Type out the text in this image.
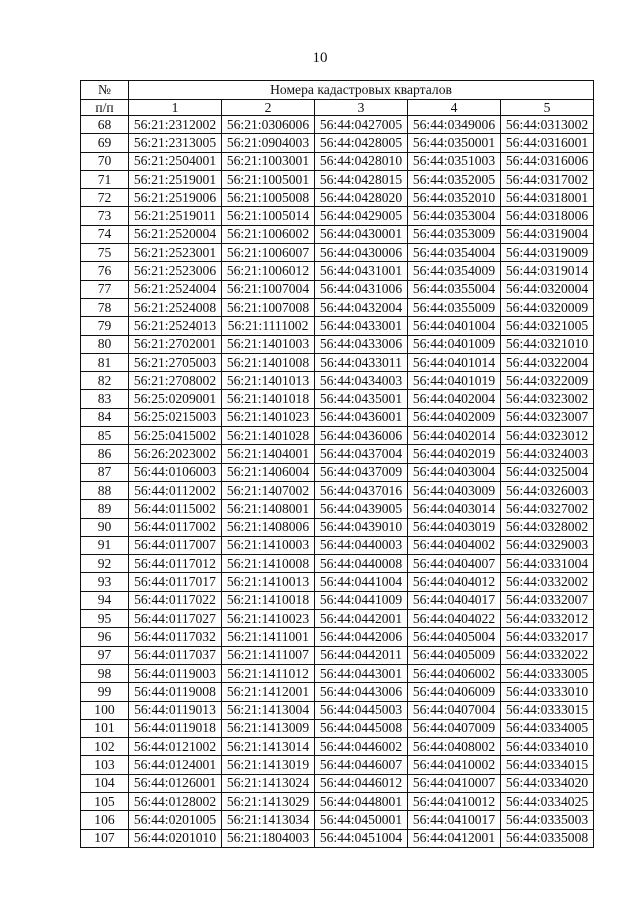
10
№	Номера кадастровых кварталов				
п/п	1	2	3	4	5
68	56:21:2312002	56:21:0306006	56:44:0427005	56:44:0349006	56:44:0313002
69	56:21:2313005	56:21:0904003	56:44:0428005	56:44:0350001	56:44:0316001
70	56:21:2504001	56:21:1003001	56:44:0428010	56:44:0351003	56:44:0316006
71	56:21:2519001	56:21:1005001	56:44:0428015	56:44:0352005	56:44:0317002
72	56:21:2519006	56:21:1005008	56:44:0428020	56:44:0352010	56:44:0318001
73	56:21:2519011	56:21:1005014	56:44:0429005	56:44:0353004	56:44:0318006
74	56:21:2520004	56:21:1006002	56:44:0430001	56:44:0353009	56:44:0319004
75	56:21:2523001	56:21:1006007	56:44:0430006	56:44:0354004	56:44:0319009
76	56:21:2523006	56:21:1006012	56:44:0431001	56:44:0354009	56:44:0319014
77	56:21:2524004	56:21:1007004	56:44:0431006	56:44:0355004	56:44:0320004
78	56:21:2524008	56:21:1007008	56:44:0432004	56:44:0355009	56:44:0320009
79	56:21:2524013	56:21:1111002	56:44:0433001	56:44:0401004	56:44:0321005
80	56:21:2702001	56:21:1401003	56:44:0433006	56:44:0401009	56:44:0321010
81	56:21:2705003	56:21:1401008	56:44:0433011	56:44:0401014	56:44:0322004
82	56:21:2708002	56:21:1401013	56:44:0434003	56:44:0401019	56:44:0322009
83	56:25:0209001	56:21:1401018	56:44:0435001	56:44:0402004	56:44:0323002
84	56:25:0215003	56:21:1401023	56:44:0436001	56:44:0402009	56:44:0323007
85	56:25:0415002	56:21:1401028	56:44:0436006	56:44:0402014	56:44:0323012
86	56:26:2023002	56:21:1404001	56:44:0437004	56:44:0402019	56:44:0324003
87	56:44:0106003	56:21:1406004	56:44:0437009	56:44:0403004	56:44:0325004
88	56:44:0112002	56:21:1407002	56:44:0437016	56:44:0403009	56:44:0326003
89	56:44:0115002	56:21:1408001	56:44:0439005	56:44:0403014	56:44:0327002
90	56:44:0117002	56:21:1408006	56:44:0439010	56:44:0403019	56:44:0328002
91	56:44:0117007	56:21:1410003	56:44:0440003	56:44:0404002	56:44:0329003
92	56:44:0117012	56:21:1410008	56:44:0440008	56:44:0404007	56:44:0331004
93	56:44:0117017	56:21:1410013	56:44:0441004	56:44:0404012	56:44:0332002
94	56:44:0117022	56:21:1410018	56:44:0441009	56:44:0404017	56:44:0332007
95	56:44:0117027	56:21:1410023	56:44:0442001	56:44:0404022	56:44:0332012
96	56:44:0117032	56:21:1411001	56:44:0442006	56:44:0405004	56:44:0332017
97	56:44:0117037	56:21:1411007	56:44:0442011	56:44:0405009	56:44:0332022
98	56:44:0119003	56:21:1411012	56:44:0443001	56:44:0406002	56:44:0333005
99	56:44:0119008	56:21:1412001	56:44:0443006	56:44:0406009	56:44:0333010
100	56:44:0119013	56:21:1413004	56:44:0445003	56:44:0407004	56:44:0333015
101	56:44:0119018	56:21:1413009	56:44:0445008	56:44:0407009	56:44:0334005
102	56:44:0121002	56:21:1413014	56:44:0446002	56:44:0408002	56:44:0334010
103	56:44:0124001	56:21:1413019	56:44:0446007	56:44:0410002	56:44:0334015
104	56:44:0126001	56:21:1413024	56:44:0446012	56:44:0410007	56:44:0334020
105	56:44:0128002	56:21:1413029	56:44:0448001	56:44:0410012	56:44:0334025
106	56:44:0201005	56:21:1413034	56:44:0450001	56:44:0410017	56:44:0335003
107	56:44:0201010	56:21:1804003	56:44:0451004	56:44:0412001	56:44:0335008
